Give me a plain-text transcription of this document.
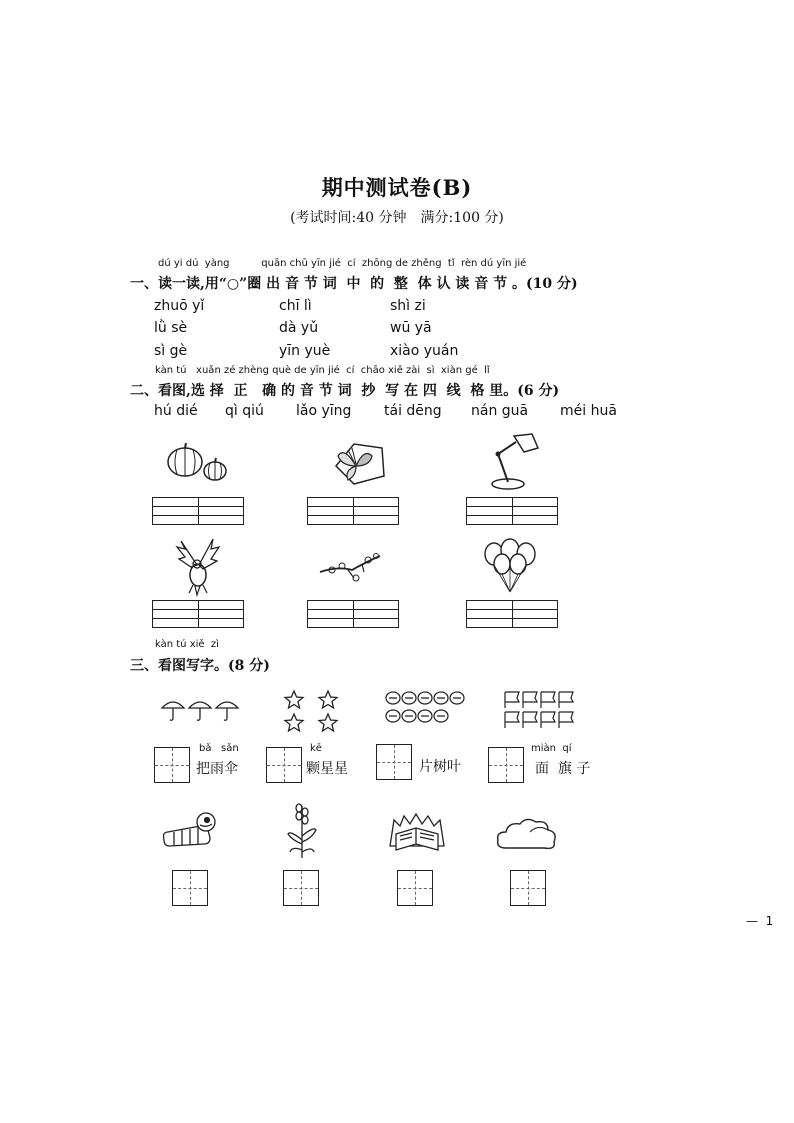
期中测试卷(B)
(考试时间:40 分钟　满分:100 分)
dú yi dú  yàng          quān chū yīn jié  cí  zhōng de zhěng  tǐ  rèn dú yīn jié
一、读一读,用“○”圈 出 音 节 词  中  的  整  体 认 读 音 节 。(10 分)
zhuō yǐ	chī lì	shì zi
lǜ sè	dà yǔ	wū yā
sì gè	yīn yuè	xiào yuán
kàn tú   xuǎn zé zhèng què de yīn jié  cí  chāo xiě zài  sì  xiàn gé  lǐ
二、看图,选 择  正   确 的 音 节 词  抄  写 在 四  线  格 里。(6 分)
hú dié qì qiú lǎo yīng tái dēng nán guā méi huā
kàn tú xiě  zì
三、看图写字。(8 分)
bǎ   sǎn
把雨伞
kē
颗星星	片树叶
miàn  qí
面  旗 子
—  1
